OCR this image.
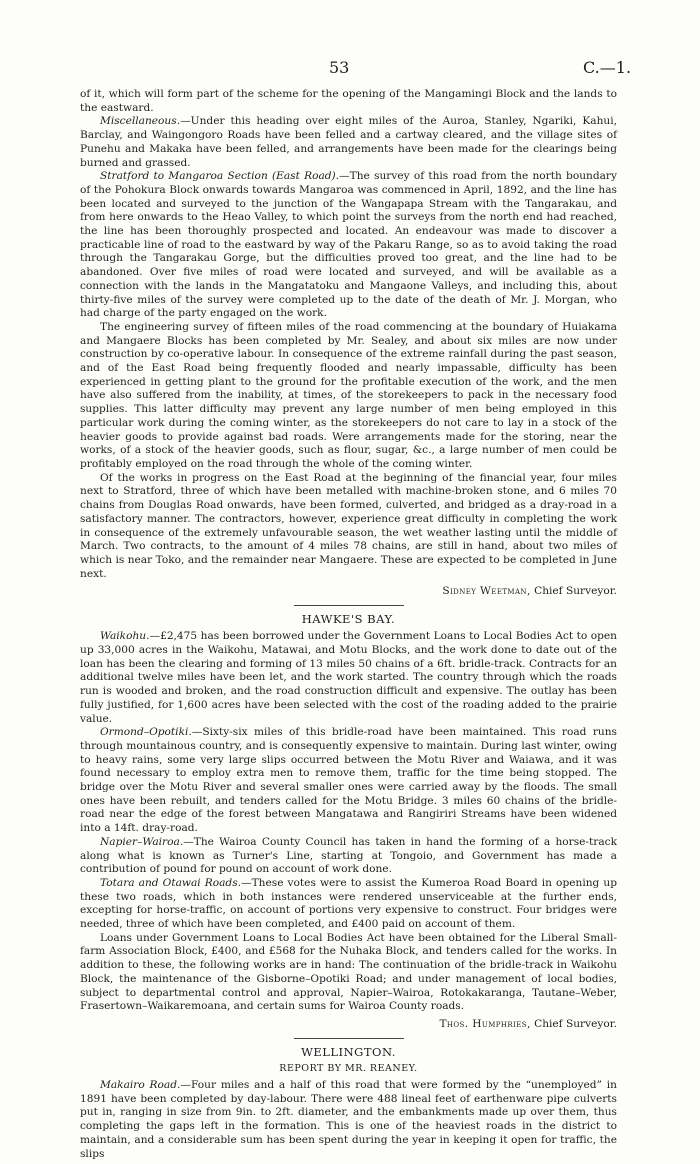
53	C.—1.

of it, which will form part of the scheme for the opening of the Mangamingi Block and the lands to the eastward.

Miscellaneous.—Under this heading over eight miles of the Auroa, Stanley, Ngariki, Kahui, Barclay, and Waingongoro Roads have been felled and a cartway cleared, and the village sites of Punehu and Makaka have been felled, and arrangements have been made for the clearings being burned and grassed.

Stratford to Mangaroa Section (East Road).—The survey of this road from the north boundary of the Pohokura Block onwards towards Mangaroa was commenced in April, 1892, and the line has been located and surveyed to the junction of the Wangapapa Stream with the Tangarakau, and from here onwards to the Heao Valley, to which point the surveys from the north end had reached, the line has been thoroughly prospected and located. An endeavour was made to discover a practicable line of road to the eastward by way of the Pakaru Range, so as to avoid taking the road through the Tangarakau Gorge, but the difficulties proved too great, and the line had to be abandoned. Over five miles of road were located and surveyed, and will be available as a connection with the lands in the Mangatatoku and Mangaone Valleys, and including this, about thirty-five miles of the survey were completed up to the date of the death of Mr. J. Morgan, who had charge of the party engaged on the work.

The engineering survey of fifteen miles of the road commencing at the boundary of Huiakama and Mangaere Blocks has been completed by Mr. Sealey, and about six miles are now under construction by co-operative labour. In consequence of the extreme rainfall during the past season, and of the East Road being frequently flooded and nearly impassable, difficulty has been experienced in getting plant to the ground for the profitable execution of the work, and the men have also suffered from the inability, at times, of the storekeepers to pack in the necessary food supplies. This latter difficulty may prevent any large number of men being employed in this particular work during the coming winter, as the storekeepers do not care to lay in a stock of the heavier goods to provide against bad roads. Were arrangements made for the storing, near the works, of a stock of the heavier goods, such as flour, sugar, &c., a large number of men could be profitably employed on the road through the whole of the coming winter.

Of the works in progress on the East Road at the beginning of the financial year, four miles next to Stratford, three of which have been metalled with machine-broken stone, and 6 miles 70 chains from Douglas Road onwards, have been formed, culverted, and bridged as a dray-road in a satisfactory manner. The contractors, however, experience great difficulty in completing the work in consequence of the extremely unfavourable season, the wet weather lasting until the middle of March. Two contracts, to the amount of 4 miles 78 chains, are still in hand, about two miles of which is near Toko, and the remainder near Mangaere. These are expected to be completed in June next.

Sidney Weetman, Chief Surveyor.
HAWKE'S BAY.

Waikohu.—£2,475 has been borrowed under the Government Loans to Local Bodies Act to open up 33,000 acres in the Waikohu, Matawai, and Motu Blocks, and the work done to date out of the loan has been the clearing and forming of 13 miles 50 chains of a 6ft. bridle-track. Contracts for an additional twelve miles have been let, and the work started. The country through which the roads run is wooded and broken, and the road construction difficult and expensive. The outlay has been fully justified, for 1,600 acres have been selected with the cost of the roading added to the prairie value.

Ormond–Opotiki.—Sixty-six miles of this bridle-road have been maintained. This road runs through mountainous country, and is consequently expensive to maintain. During last winter, owing to heavy rains, some very large slips occurred between the Motu River and Waiawa, and it was found necessary to employ extra men to remove them, traffic for the time being stopped. The bridge over the Motu River and several smaller ones were carried away by the floods. The small ones have been rebuilt, and tenders called for the Motu Bridge. 3 miles 60 chains of the bridle-road near the edge of the forest between Mangatawa and Rangiriri Streams have been widened into a 14ft. dray-road.

Napier–Wairoa.—The Wairoa County Council has taken in hand the forming of a horse-track along what is known as Turner's Line, starting at Tongoio, and Government has made a contribution of pound for pound on account of work done.

Totara and Otawai Roads.—These votes were to assist the Kumeroa Road Board in opening up these two roads, which in both instances were rendered unserviceable at the further ends, excepting for horse-traffic, on account of portions very expensive to construct. Four bridges were needed, three of which have been completed, and £400 paid on account of them.

Loans under Government Loans to Local Bodies Act have been obtained for the Liberal Small-farm Association Block, £400, and £568 for the Nuhaka Block, and tenders called for the works. In addition to these, the following works are in hand: The continuation of the bridle-track in Waikohu Block, the maintenance of the Gisborne–Opotiki Road; and under management of local bodies, subject to departmental control and approval, Napier–Wairoa, Rotokakaranga, Tautane–Weber, Frasertown–Waikaremoana, and certain sums for Wairoa County roads.

Thos. Humphries, Chief Surveyor.
WELLINGTON.
REPORT BY MR. REANEY.

Makairo Road.—Four miles and a half of this road that were formed by the “unemployed” in 1891 have been completed by day-labour. There were 488 lineal feet of earthenware pipe culverts put in, ranging in size from 9in. to 2ft. diameter, and the embankments made up over them, thus completing the gaps left in the formation. This is one of the heaviest roads in the district to maintain, and a considerable sum has been spent during the year in keeping it open for traffic, the slips
